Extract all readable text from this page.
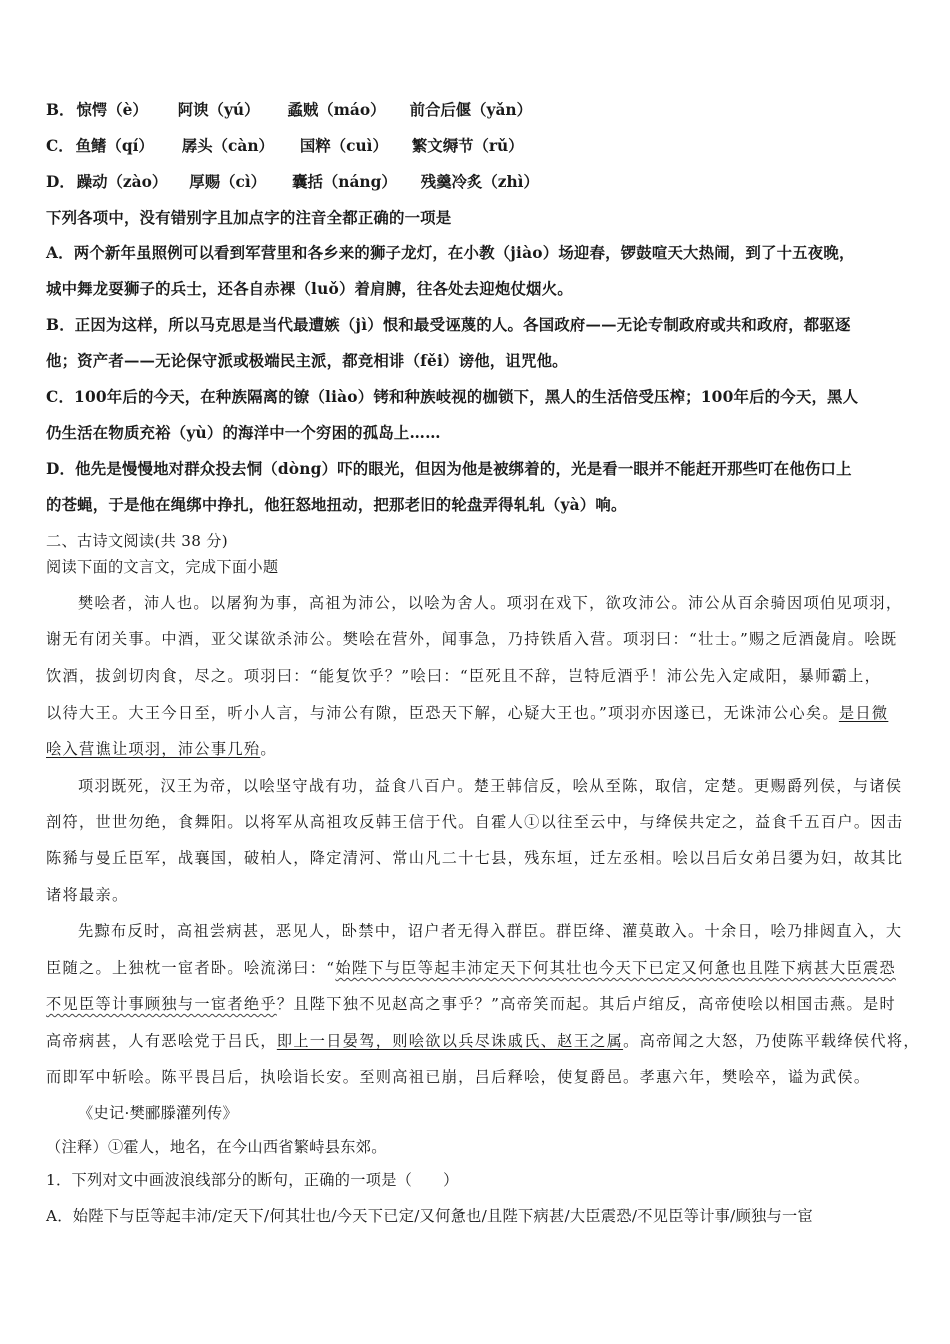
B． 惊愕（è） 阿谀（yú） 蟊贼（máo） 前合后偃（yǎn）
C． 鱼鳍（qí） 孱头（càn） 国粹（cuì） 繁文缛节（rǔ）
D． 躁动（zào） 厚赐（cì） 囊括（náng） 残羹冷炙（zhì）
下列各项中，没有错别字且加点字的注音全都正确的一项是
A．两个新年虽照例可以看到军营里和各乡来的狮子龙灯，在小教（jiào）场迎春，锣鼓喧天大热闹，到了十五夜晚，
城中舞龙耍狮子的兵士，还各自赤裸（luǒ）着肩膊，往各处去迎炮仗烟火。
B．正因为这样，所以马克思是当代最遭嫉（jì）恨和最受诬蔑的人。各国政府——无论专制政府或共和政府，都驱逐
他；资产者——无论保守派或极端民主派，都竞相诽（fěi）谤他，诅咒他。
C．100年后的今天，在种族隔离的镣（liào）铐和种族岐视的枷锁下，黑人的生活倍受压榨；100年后的今天，黑人
仍生活在物质充裕（yù）的海洋中一个穷困的孤岛上……
D．他先是慢慢地对群众投去恫（dòng）吓的眼光，但因为他是被绑着的，光是看一眼并不能赶开那些叮在他伤口上
的苍蝇，于是他在绳绑中挣扎，他狂怒地扭动，把那老旧的轮盘弄得轧轧（yà）响。
二、古诗文阅读(共 38 分)
阅读下面的文言文，完成下面小题
樊哙者，沛人也。以屠狗为事，高祖为沛公，以哙为舍人。项羽在戏下，欲攻沛公。沛公从百余骑因项伯见项羽，
谢无有闭关事。中酒，亚父谋欲杀沛公。樊哙在营外，闻事急，乃持铁盾入营。项羽曰：“壮士。”赐之卮酒彘肩。哙既
饮酒，拔剑切肉食，尽之。项羽曰：“能复饮乎？”哙曰：“臣死且不辞，岂特卮酒乎！沛公先入定咸阳，暴师霸上，
以待大王。大王今日至，听小人言，与沛公有隙，臣恐天下解，心疑大王也。”项羽亦因遂已，无诛沛公心矣。是日微
哙入营谯让项羽，沛公事几殆。
项羽既死，汉王为帝，以哙坚守战有功，益食八百户。楚王韩信反，哙从至陈，取信，定楚。更赐爵列侯，与诸侯
剖符，世世勿绝，食舞阳。以将军从高祖攻反韩王信于代。自霍人①以往至云中，与绛侯共定之，益食千五百户。因击
陈豨与曼丘臣军，战襄国，破柏人，降定清河、常山凡二十七县，残东垣，迁左丞相。哙以吕后女弟吕嬃为妇，故其比
诸将最亲。
先黥布反时，高祖尝病甚，恶见人，卧禁中，诏户者无得入群臣。群臣绛、灌莫敢入。十余日，哙乃排闼直入，大
臣随之。上独枕一宦者卧。哙流涕曰：“始陛下与臣等起丰沛定天下何其壮也今天下已定又何惫也且陛下病甚大臣震恐
不见臣等计事顾独与一宦者绝乎？且陛下独不见赵高之事乎？”高帝笑而起。其后卢绾反，高帝使哙以相国击燕。是时
高帝病甚，人有恶哙党于吕氏，即上一日晏驾，则哙欲以兵尽诛戚氏、赵王之属。高帝闻之大怒，乃使陈平载绛侯代将，
而即军中斩哙。陈平畏吕后，执哙诣长安。至则高祖已崩，吕后释哙，使复爵邑。孝惠六年，樊哙卒，谥为武侯。
《史记·樊郦滕灌列传》
（注释）①霍人，地名，在今山西省繁峙县东郊。
1．下列对文中画波浪线部分的断句，正确的一项是（　　）
A．始陛下与臣等起丰沛/定天下/何其壮也/今天下已定/又何惫也/且陛下病甚/大臣震恐/不见臣等计事/顾独与一宦
